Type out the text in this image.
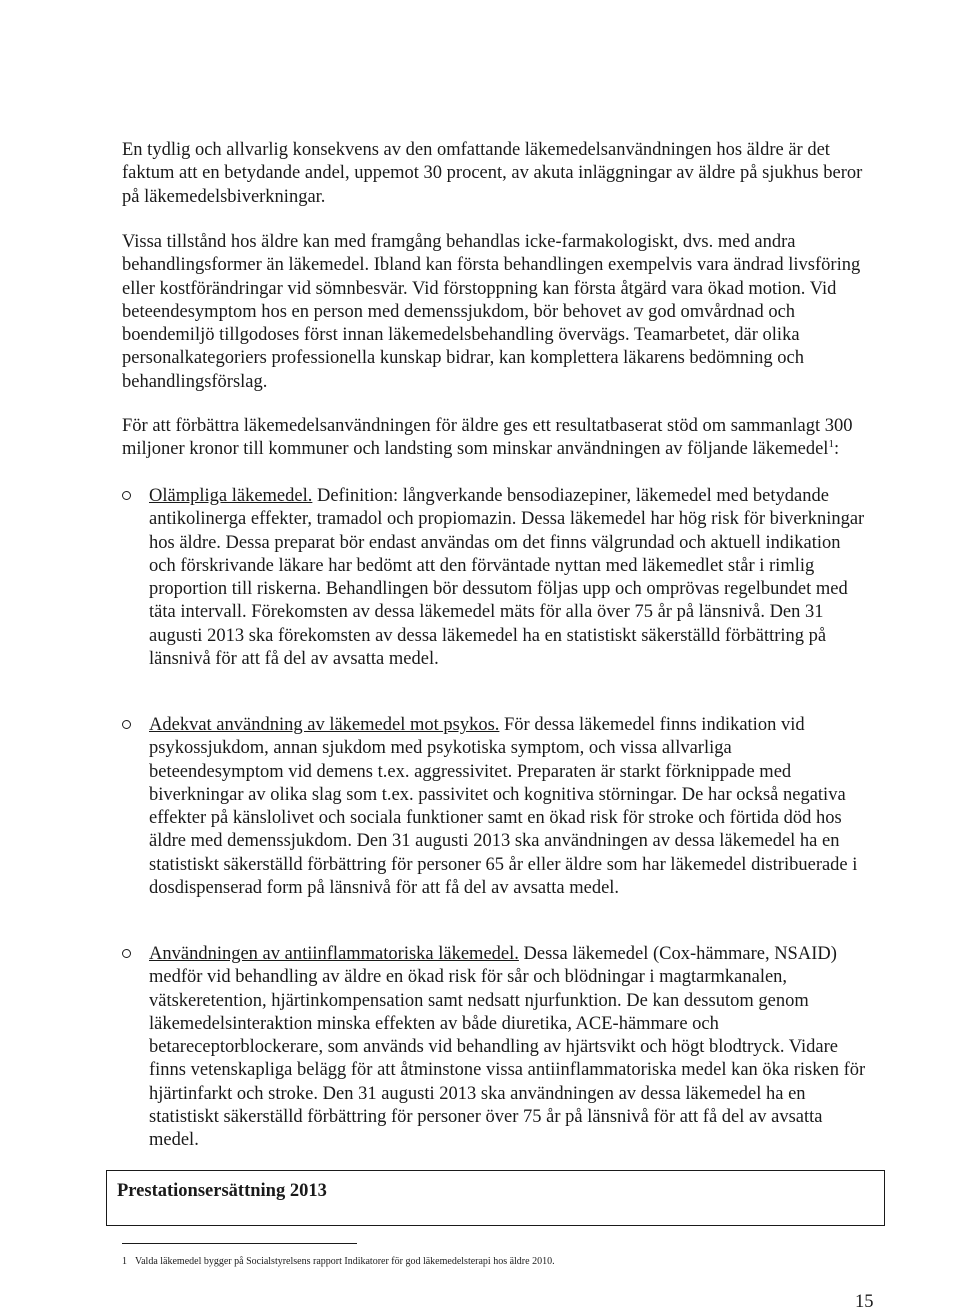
En tydlig och allvarlig konsekvens av den omfattande läkemedelsanvändningen hos äldre är det faktum att en betydande andel, uppemot 30 procent, av akuta inläggningar av äldre på sjukhus beror på läkemedelsbiverkningar.

Vissa tillstånd hos äldre kan med framgång behandlas icke-farmakologiskt, dvs. med andra behandlingsformer än läkemedel. Ibland kan första behandlingen exempelvis vara ändrad livsföring eller kostförändringar vid sömnbesvär. Vid förstoppning kan första åtgärd vara ökad motion. Vid beteendesymptom hos en person med demenssjukdom, bör behovet av god omvårdnad och boendemiljö tillgodoses först innan läkemedelsbehandling övervägs. Teamarbetet, där olika personalkategoriers professionella kunskap bidrar, kan komplettera läkarens bedömning och behandlingsförslag.

För att förbättra läkemedelsanvändningen för äldre ges ett resultatbaserat stöd om sammanlagt 300 miljoner kronor till kommuner och landsting som minskar användningen av följande läkemedel$^1$:

Olämpliga läkemedel. Definition: långverkande bensodiazepiner, läkemedel med betydande antikolinerga effekter, tramadol och propiomazin. Dessa läkemedel har hög risk för biverkningar hos äldre. Dessa preparat bör endast användas om det finns välgrundad och aktuell indikation och förskrivande läkare har bedömt att den förväntade nyttan med läkemedlet står i rimlig proportion till riskerna. Behandlingen bör dessutom följas upp och omprövas regelbundet med täta intervall. Förekomsten av dessa läkemedel mäts för alla över 75 år på länsnivå. Den 31 augusti 2013 ska förekomsten av dessa läkemedel ha en statistiskt säkerställd förbättring på länsnivå för att få del av avsatta medel.
Adekvat användning av läkemedel mot psykos. För dessa läkemedel finns indikation vid psykossjukdom, annan sjukdom med psykotiska symptom, och vissa allvarliga beteendesymptom vid demens t.ex. aggressivitet. Preparaten är starkt förknippade med biverkningar av olika slag som t.ex. passivitet och kognitiva störningar. De har också negativa effekter på känslolivet och sociala funktioner samt en ökad risk för stroke och förtida död hos äldre med demenssjukdom. Den 31 augusti 2013 ska användningen av dessa läkemedel ha en statistiskt säkerställd förbättring för personer 65 år eller äldre som har läkemedel distribuerade i dosdispenserad form på länsnivå för att få del av avsatta medel.
Användningen av antiinflammatoriska läkemedel. Dessa läkemedel (Cox-hämmare, NSAID) medför vid behandling av äldre en ökad risk för sår och blödningar i magtarmkanalen, vätskeretention, hjärtinkompensation samt nedsatt njurfunktion. De kan dessutom genom läkemedelsinteraktion minska effekten av både diuretika, ACE-hämmare och betareceptorblockerare, som används vid behandling av hjärtsvikt och högt blodtryck. Vidare finns vetenskapliga belägg för att åtminstone vissa antiinflammatoriska medel kan öka risken för hjärtinfarkt och stroke. Den 31 augusti 2013 ska användningen av dessa läkemedel ha en statistiskt säkerställd förbättring för personer över 75 år på länsnivå för att få del av avsatta medel.
Prestationsersättning 2013
1 Valda läkemedel bygger på Socialstyrelsens rapport Indikatorer för god läkemedelsterapi hos äldre 2010.
15
